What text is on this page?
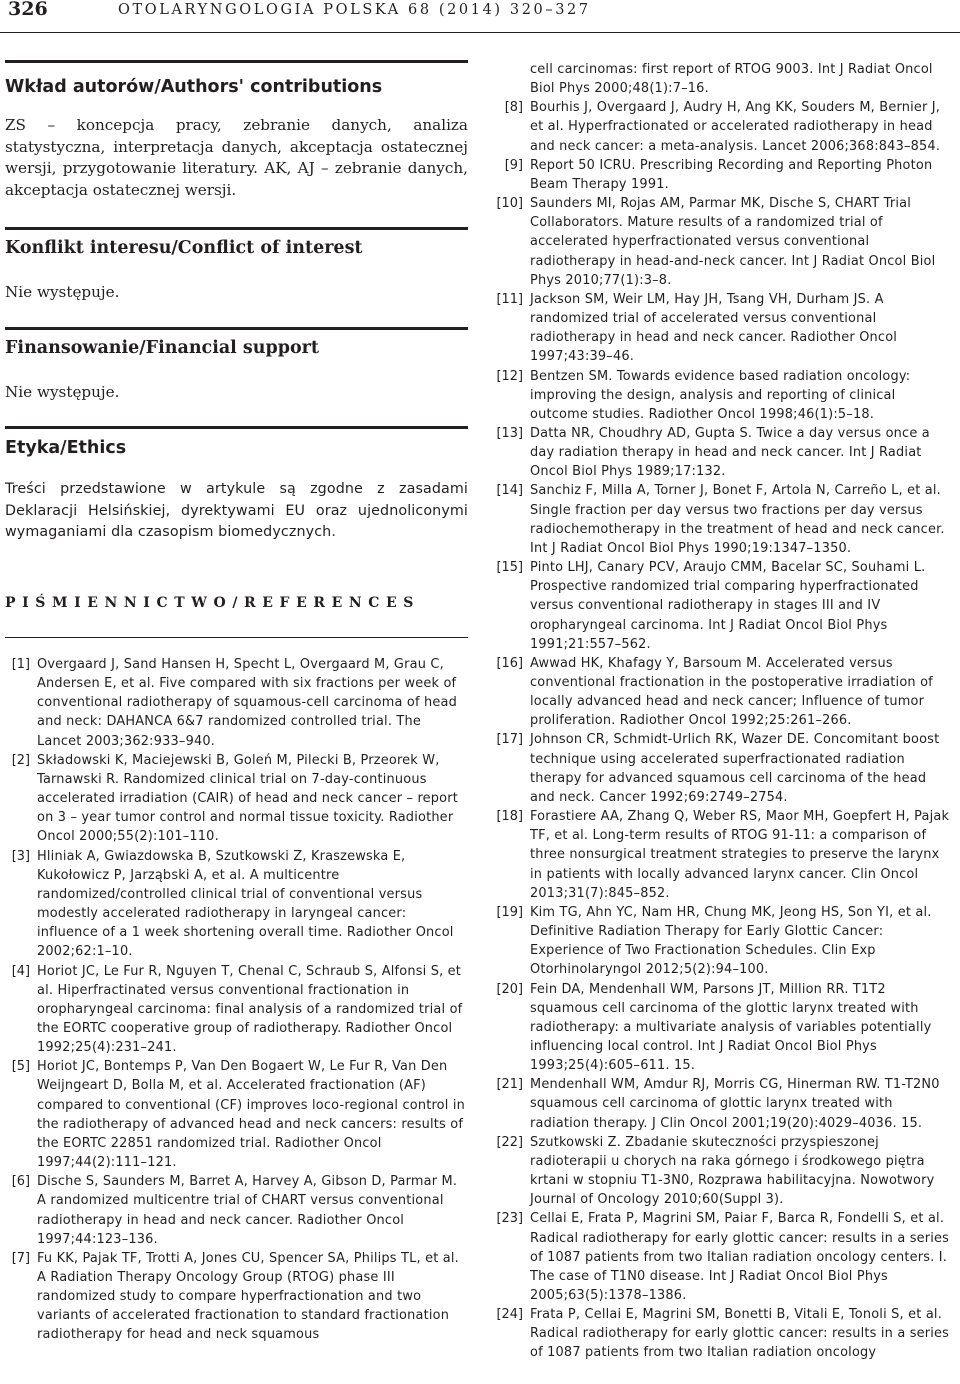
326	OTOLARYNGOLOGIA POLSKA 68 (2014) 320–327
Wkład autorów/Authors' contributions

ZS – koncepcja pracy, zebranie danych, analiza statystyczna, interpretacja danych, akceptacja ostatecznej wersji, przygotowanie literatury. AK, AJ – zebranie danych, akceptacja ostatecznej wersji.

Konflikt interesu/Conflict of interest

Nie występuje.

Finansowanie/Financial support

Nie występuje.

Etyka/Ethics

Treści przedstawione w artykule są zgodne z zasadami Deklaracji Helsińskiej, dyrektywami EU oraz ujednoliconymi wymaganiami dla czasopism biomedycznych.

PIŚMIENNICTWO/REFERENCES
[1] Overgaard J, Sand Hansen H, Specht L, Overgaard M, Grau C, Andersen E, et al. Five compared with six fractions per week of conventional radiotherapy of squamous-cell carcinoma of head and neck: DAHANCA 6&7 randomized controlled trial. The Lancet 2003;362:933–940.
[2] Składowski K, Maciejewski B, Goleń M, Pilecki B, Przeorek W, Tarnawski R. Randomized clinical trial on 7-day-continuous accelerated irradiation (CAIR) of head and neck cancer – report on 3 – year tumor control and normal tissue toxicity. Radiother Oncol 2000;55(2):101–110.
[3] Hliniak A, Gwiazdowska B, Szutkowski Z, Kraszewska E, Kukołowicz P, Jarząbski A, et al. A multicentre randomized/controlled clinical trial of conventional versus modestly accelerated radiotherapy in laryngeal cancer: influence of a 1 week shortening overall time. Radiother Oncol 2002;62:1–10.
[4] Horiot JC, Le Fur R, Nguyen T, Chenal C, Schraub S, Alfonsi S, et al. Hiperfractinated versus conventional fractionation in oropharyngeal carcinoma: final analysis of a randomized trial of the EORTC cooperative group of radiotherapy. Radiother Oncol 1992;25(4):231–241.
[5] Horiot JC, Bontemps P, Van Den Bogaert W, Le Fur R, Van Den Weijngeart D, Bolla M, et al. Accelerated fractionation (AF) compared to conventional (CF) improves loco-regional control in the radiotherapy of advanced head and neck cancers: results of the EORTC 22851 randomized trial. Radiother Oncol 1997;44(2):111–121.
[6] Dische S, Saunders M, Barret A, Harvey A, Gibson D, Parmar M. A randomized multicentre trial of CHART versus conventional radiotherapy in head and neck cancer. Radiother Oncol 1997;44:123–136.
[7] Fu KK, Pajak TF, Trotti A, Jones CU, Spencer SA, Philips TL, et al. A Radiation Therapy Oncology Group (RTOG) phase III randomized study to compare hyperfractionation and two variants of accelerated fractionation to standard fractionation radiotherapy for head and neck squamous
cell carcinomas: first report of RTOG 9003. Int J Radiat Oncol Biol Phys 2000;48(1):7–16.
[8] Bourhis J, Overgaard J, Audry H, Ang KK, Souders M, Bernier J, et al. Hyperfractionated or accelerated radiotherapy in head and neck cancer: a meta-analysis. Lancet 2006;368:843–854.
[9] Report 50 ICRU. Prescribing Recording and Reporting Photon Beam Therapy 1991.
[10] Saunders MI, Rojas AM, Parmar MK, Dische S, CHART Trial Collaborators. Mature results of a randomized trial of accelerated hyperfractionated versus conventional radiotherapy in head-and-neck cancer. Int J Radiat Oncol Biol Phys 2010;77(1):3–8.
[11] Jackson SM, Weir LM, Hay JH, Tsang VH, Durham JS. A randomized trial of accelerated versus conventional radiotherapy in head and neck cancer. Radiother Oncol 1997;43:39–46.
[12] Bentzen SM. Towards evidence based radiation oncology: improving the design, analysis and reporting of clinical outcome studies. Radiother Oncol 1998;46(1):5–18.
[13] Datta NR, Choudhry AD, Gupta S. Twice a day versus once a day radiation therapy in head and neck cancer. Int J Radiat Oncol Biol Phys 1989;17:132.
[14] Sanchiz F, Milla A, Torner J, Bonet F, Artola N, Carreño L, et al. Single fraction per day versus two fractions per day versus radiochemotherapy in the treatment of head and neck cancer. Int J Radiat Oncol Biol Phys 1990;19:1347–1350.
[15] Pinto LHJ, Canary PCV, Araujo CMM, Bacelar SC, Souhami L. Prospective randomized trial comparing hyperfractionated versus conventional radiotherapy in stages III and IV oropharyngeal carcinoma. Int J Radiat Oncol Biol Phys 1991;21:557–562.
[16] Awwad HK, Khafagy Y, Barsoum M. Accelerated versus conventional fractionation in the postoperative irradiation of locally advanced head and neck cancer; Influence of tumor proliferation. Radiother Oncol 1992;25:261–266.
[17] Johnson CR, Schmidt-Urlich RK, Wazer DE. Concomitant boost technique using accelerated superfractionated radiation therapy for advanced squamous cell carcinoma of the head and neck. Cancer 1992;69:2749–2754.
[18] Forastiere AA, Zhang Q, Weber RS, Maor MH, Goepfert H, Pajak TF, et al. Long-term results of RTOG 91-11: a comparison of three nonsurgical treatment strategies to preserve the larynx in patients with locally advanced larynx cancer. Clin Oncol 2013;31(7):845–852.
[19] Kim TG, Ahn YC, Nam HR, Chung MK, Jeong HS, Son YI, et al. Definitive Radiation Therapy for Early Glottic Cancer: Experience of Two Fractionation Schedules. Clin Exp Otorhinolaryngol 2012;5(2):94–100.
[20] Fein DA, Mendenhall WM, Parsons JT, Million RR. T1T2 squamous cell carcinoma of the glottic larynx treated with radiotherapy: a multivariate analysis of variables potentially influencing local control. Int J Radiat Oncol Biol Phys 1993;25(4):605–611. 15.
[21] Mendenhall WM, Amdur RJ, Morris CG, Hinerman RW. T1-T2N0 squamous cell carcinoma of glottic larynx treated with radiation therapy. J Clin Oncol 2001;19(20):4029–4036. 15.
[22] Szutkowski Z. Zbadanie skuteczności przyspieszonej radioterapii u chorych na raka górnego i środkowego piętra krtani w stopniu T1-3N0, Rozprawa habilitacyjna. Nowotwory Journal of Oncology 2010;60(Suppl 3).
[23] Cellai E, Frata P, Magrini SM, Paiar F, Barca R, Fondelli S, et al. Radical radiotherapy for early glottic cancer: results in a series of 1087 patients from two Italian radiation oncology centers. I. The case of T1N0 disease. Int J Radiat Oncol Biol Phys 2005;63(5):1378–1386.
[24] Frata P, Cellai E, Magrini SM, Bonetti B, Vitali E, Tonoli S, et al. Radical radiotherapy for early glottic cancer: results in a series of 1087 patients from two Italian radiation oncology
